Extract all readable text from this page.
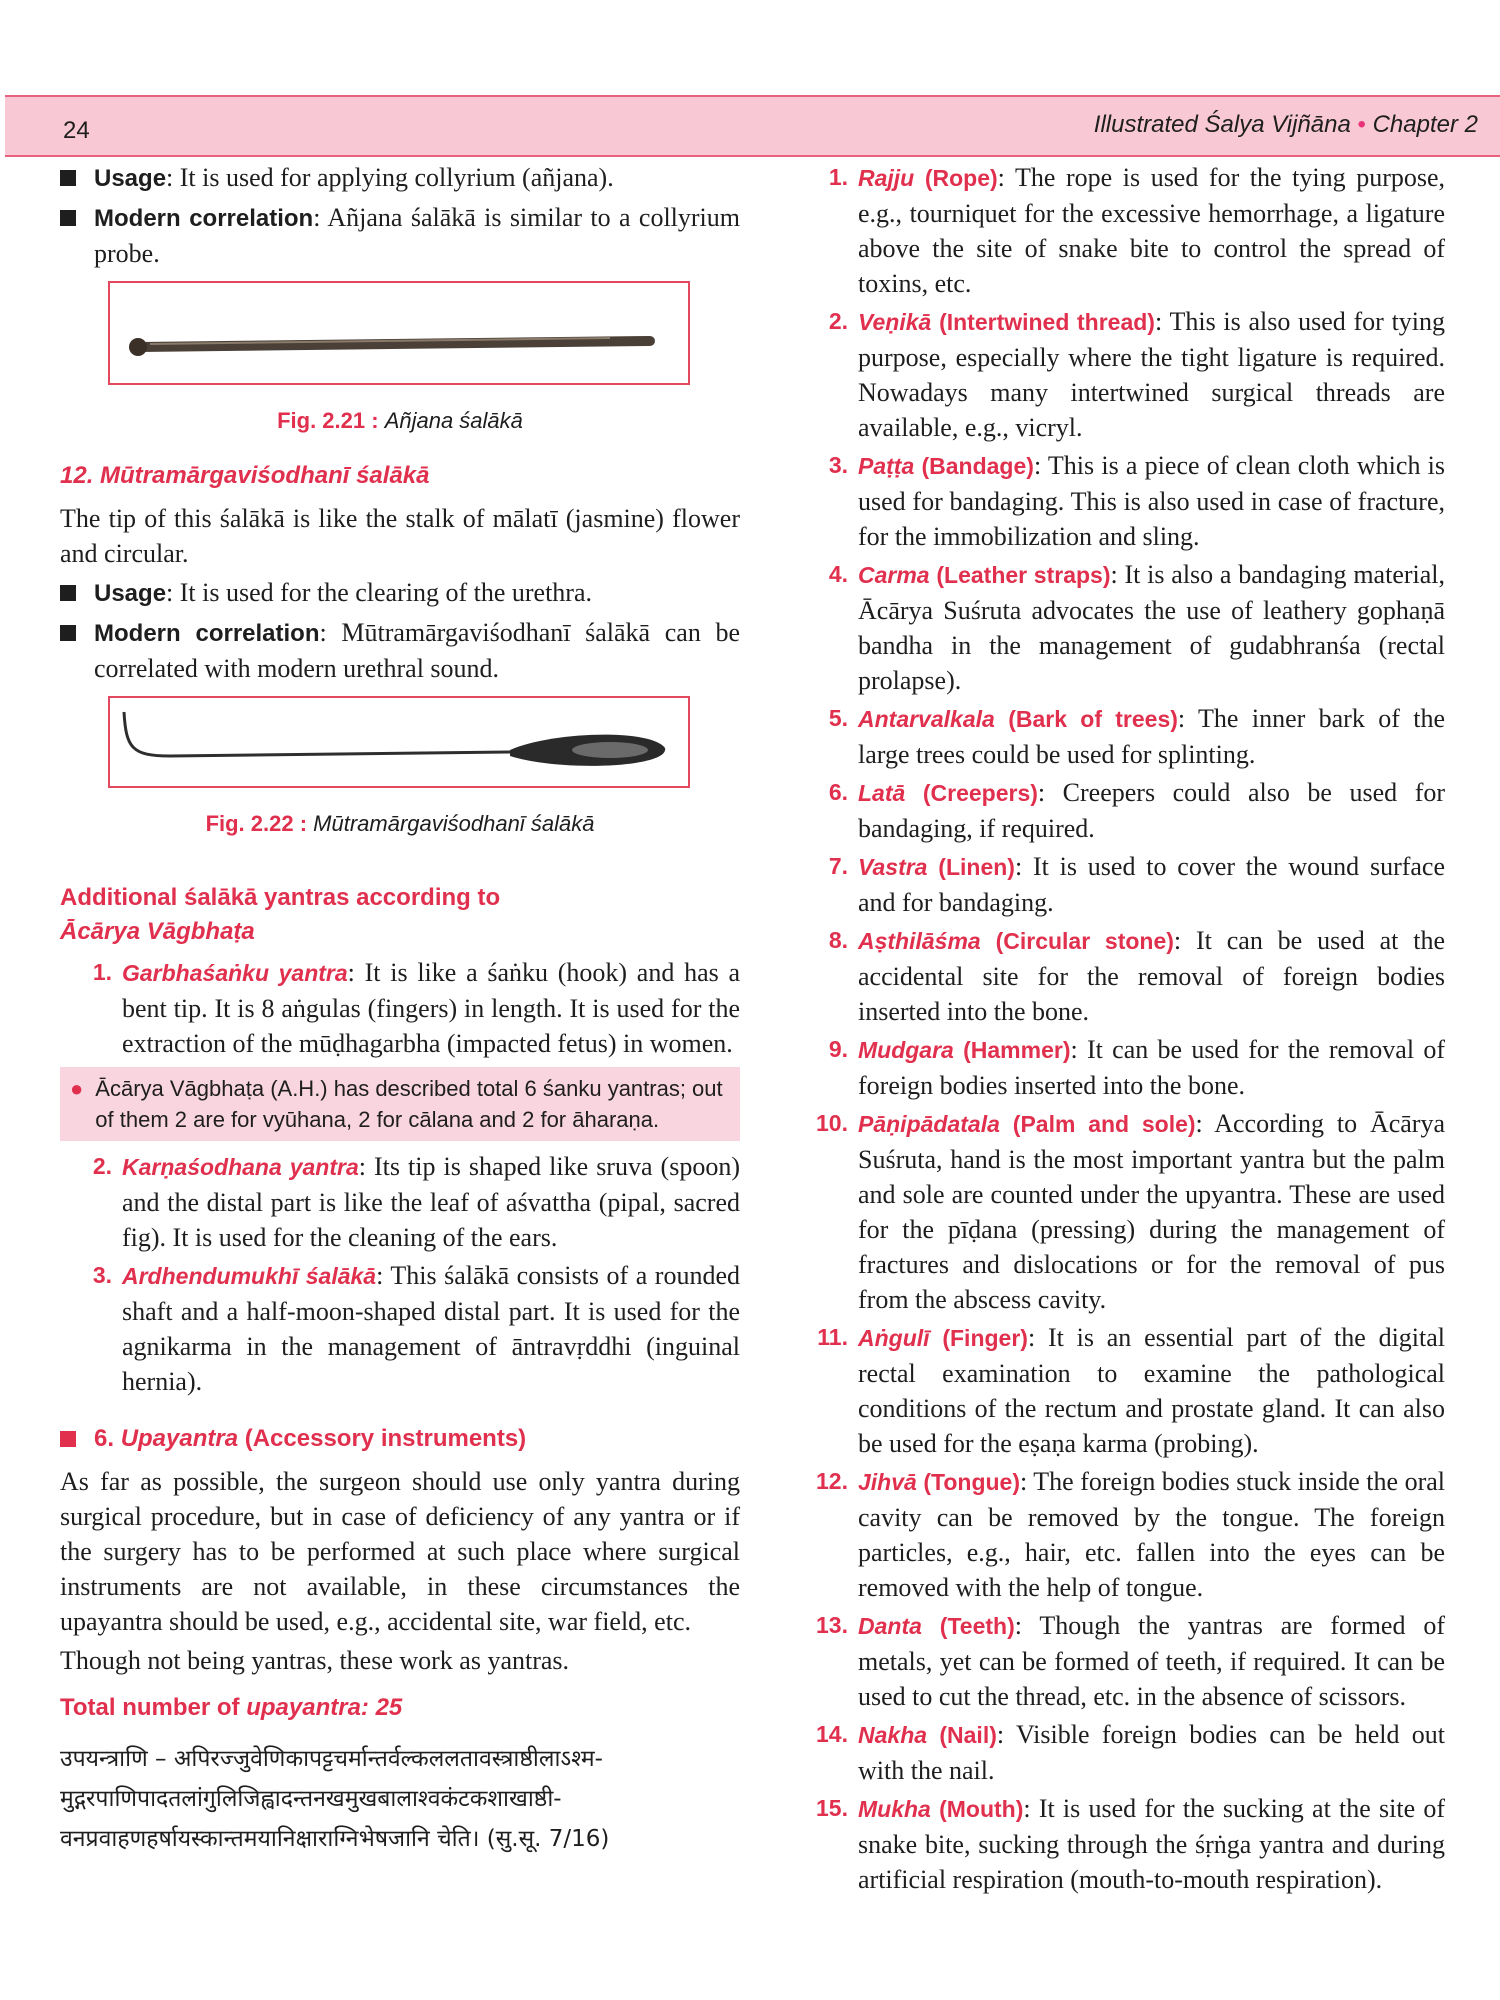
24	Illustrated Śalya Vijñāna • Chapter 2
Usage: It is used for applying collyrium (añjana).
Modern correlation: Añjana śalākā is similar to a collyrium probe.
Fig. 2.21 : Añjana śalākā
12. Mūtramārgaviśodhanī śalākā

The tip of this śalākā is like the stalk of mālatī (jasmine) flower and circular.

Usage: It is used for the clearing of the urethra.
Modern correlation: Mūtramārgaviśodhanī śalākā can be correlated with modern urethral sound.
Fig. 2.22 : Mūtramārgaviśodhanī śalākā
Additional śalākā yantras according to
Ācārya Vāgbhaṭa
1. Garbhaśaṅku yantra: It is like a śaṅku (hook) and has a bent tip. It is 8 aṅgulas (fingers) in length. It is used for the extraction of the mūḍhagarbha (impacted fetus) in women.
● Ācārya Vāgbhaṭa (A.H.) has described total 6 śanku yantras; out of them 2 are for vyūhana, 2 for cālana and 2 for āharaṇa.
2. Karṇaśodhana yantra: Its tip is shaped like sruva (spoon) and the distal part is like the leaf of aśvattha (pipal, sacred fig). It is used for the cleaning of the ears.
3. Ardhendumukhī śalākā: This śalākā consists of a rounded shaft and a half-moon-shaped distal part. It is used for the agnikarma in the management of āntravṛddhi (inguinal hernia).
6.
Upayantra
(Accessory instruments)

As far as possible, the surgeon should use only yantra during surgical procedure, but in case of deficiency of any yantra or if the surgery has to be performed at such place where surgical instruments are not available, in these circumstances the upayantra should be used, e.g., accidental site, war field, etc.

Though not being yantras, these work as yantras.

Total number of upayantra: 25
उपयन्त्राणि – अपिरज्जुवेणिकापट्टचर्मान्तर्वल्कललतावस्त्राष्ठीलाऽश्म-
मुद्गरपाणिपादतलांगुलिजिह्वादन्तनखमुखबालाश्वकंटकशाखाष्ठी-
वनप्रवाहणहर्षायस्कान्तमयानिक्षाराग्निभेषजानि चेति। (सु.सू. 7/16)
1. Rajju (Rope): The rope is used for the tying purpose, e.g., tourniquet for the excessive hemorrhage, a ligature above the site of snake bite to control the spread of toxins, etc.
2. Veṇikā (Intertwined thread): This is also used for tying purpose, especially where the tight ligature is required. Nowadays many intertwined surgical threads are available, e.g., vicryl.
3. Paṭṭa (Bandage): This is a piece of clean cloth which is used for bandaging. This is also used in case of fracture, for the immobilization and sling.
4. Carma (Leather straps): It is also a bandaging material, Ācārya Suśruta advocates the use of leathery gophaṇā bandha in the management of gudabhranśa (rectal prolapse).
5. Antarvalkala (Bark of trees): The inner bark of the large trees could be used for splinting.
6. Latā (Creepers): Creepers could also be used for bandaging, if required.
7. Vastra (Linen): It is used to cover the wound surface and for bandaging.
8. Aṣthilāśma (Circular stone): It can be used at the accidental site for the removal of foreign bodies inserted into the bone.
9. Mudgara (Hammer): It can be used for the removal of foreign bodies inserted into the bone.
10. Pāṇipādatala (Palm and sole): According to Ācārya Suśruta, hand is the most important yantra but the palm and sole are counted under the upyantra. These are used for the pīḍana (pressing) during the management of fractures and dislocations or for the removal of pus from the abscess cavity.
11. Aṅgulī (Finger): It is an essential part of the digital rectal examination to examine the pathological conditions of the rectum and prostate gland. It can also be used for the eṣaṇa karma (probing).
12. Jihvā (Tongue): The foreign bodies stuck inside the oral cavity can be removed by the tongue. The foreign particles, e.g., hair, etc. fallen into the eyes can be removed with the help of tongue.
13. Danta (Teeth): Though the yantras are formed of metals, yet can be formed of teeth, if required. It can be used to cut the thread, etc. in the absence of scissors.
14. Nakha (Nail): Visible foreign bodies can be held out with the nail.
15. Mukha (Mouth): It is used for the sucking at the site of snake bite, sucking through the śṛṅga yantra and during artificial respiration (mouth-to-mouth respiration).
